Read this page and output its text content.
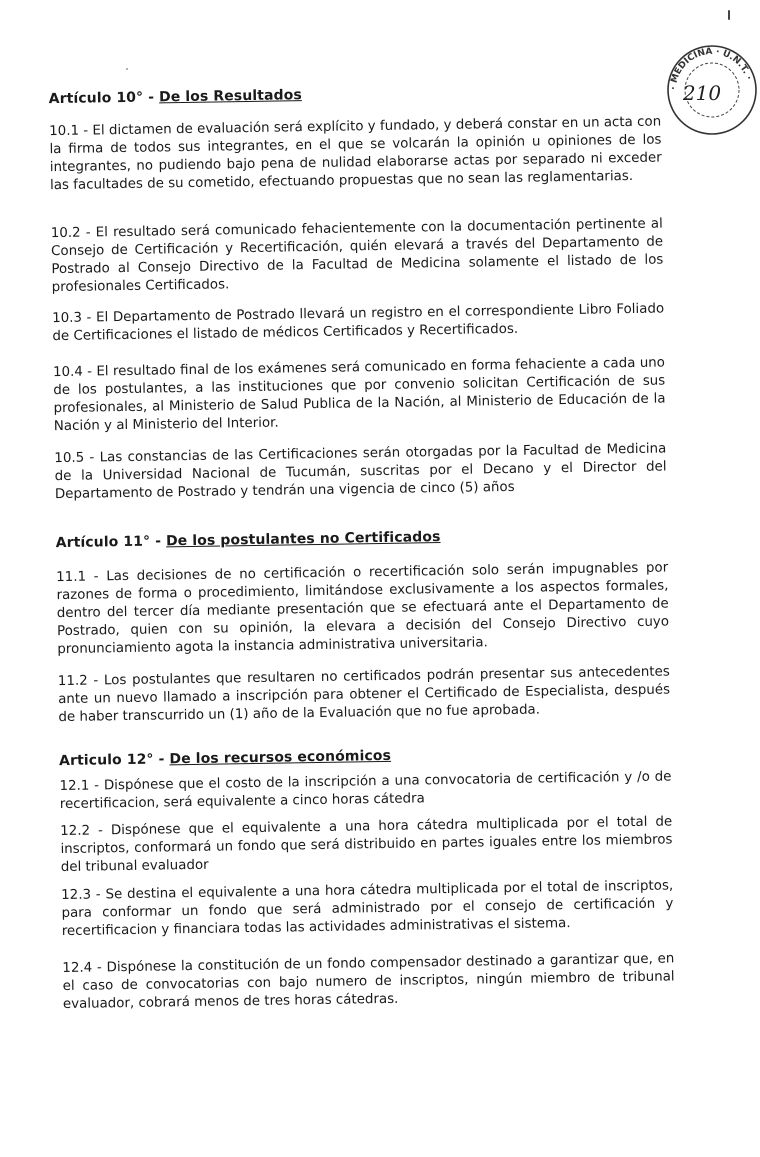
Artículo 10° - De los Resultados
10.1 - El dictamen de evaluación será explícito y fundado, y deberá constar en un acta con la firma de todos sus integrantes, en el que se volcarán la opinión u opiniones de los integrantes, no pudiendo bajo pena de nulidad elaborarse actas por separado ni exceder las facultades de su cometido, efectuando propuestas que no sean las reglamentarias.
10.2 - El resultado será comunicado fehacientemente con la documentación pertinente al Consejo de Certificación y Recertificación, quién elevará a través del Departamento de Postrado al Consejo Directivo de la Facultad de Medicina solamente el listado de los profesionales Certificados.
10.3 - El Departamento de Postrado llevará un registro en el correspondiente Libro Foliado de Certificaciones el listado de médicos Certificados y Recertificados.
10.4 - El resultado final de los exámenes será comunicado en forma fehaciente a cada uno de los postulantes, a las instituciones que por convenio solicitan Certificación de sus profesionales, al Ministerio de Salud Publica de la Nación, al Ministerio de Educación de la Nación y al Ministerio del Interior.
10.5 - Las constancias de las Certificaciones serán otorgadas por la Facultad de Medicina de la Universidad Nacional de Tucumán, suscritas por el Decano y el Director del Departamento de Postrado y tendrán una vigencia de cinco (5) años
Artículo 11° - De los postulantes no Certificados
11.1 - Las decisiones de no certificación o recertificación solo serán impugnables por razones de forma o procedimiento, limitándose exclusivamente a los aspectos formales, dentro del tercer día mediante presentación que se efectuará ante el Departamento de Postrado, quien con su opinión, la elevara a decisión del Consejo Directivo cuyo pronunciamiento agota la instancia administrativa universitaria.
11.2 - Los postulantes que resultaren no certificados podrán presentar sus antecedentes ante un nuevo llamado a inscripción para obtener el Certificado de Especialista, después de haber transcurrido un (1) año de la Evaluación que no fue aprobada.
Articulo 12° - De los recursos económicos
12.1 - Dispónese que el costo de la inscripción a una convocatoria de certificación y /o de recertificacion, será equivalente a cinco horas cátedra
12.2 - Dispónese que el equivalente a una hora cátedra multiplicada por el total de inscriptos, conformará un fondo que será distribuido en partes iguales entre los miembros del tribunal evaluador
12.3 - Se destina el equivalente a una hora cátedra multiplicada por el total de inscriptos, para conformar un fondo que será administrado por el consejo de certificación y recertificacion y financiara todas las actividades administrativas el sistema.
12.4 - Dispónese la constitución de un fondo compensador destinado a garantizar que, en el caso de convocatorias con bajo numero de inscriptos, ningún miembro de tribunal evaluador, cobrará menos de tres horas cátedras.
· MEDICINA · U.N.T. ·
210
